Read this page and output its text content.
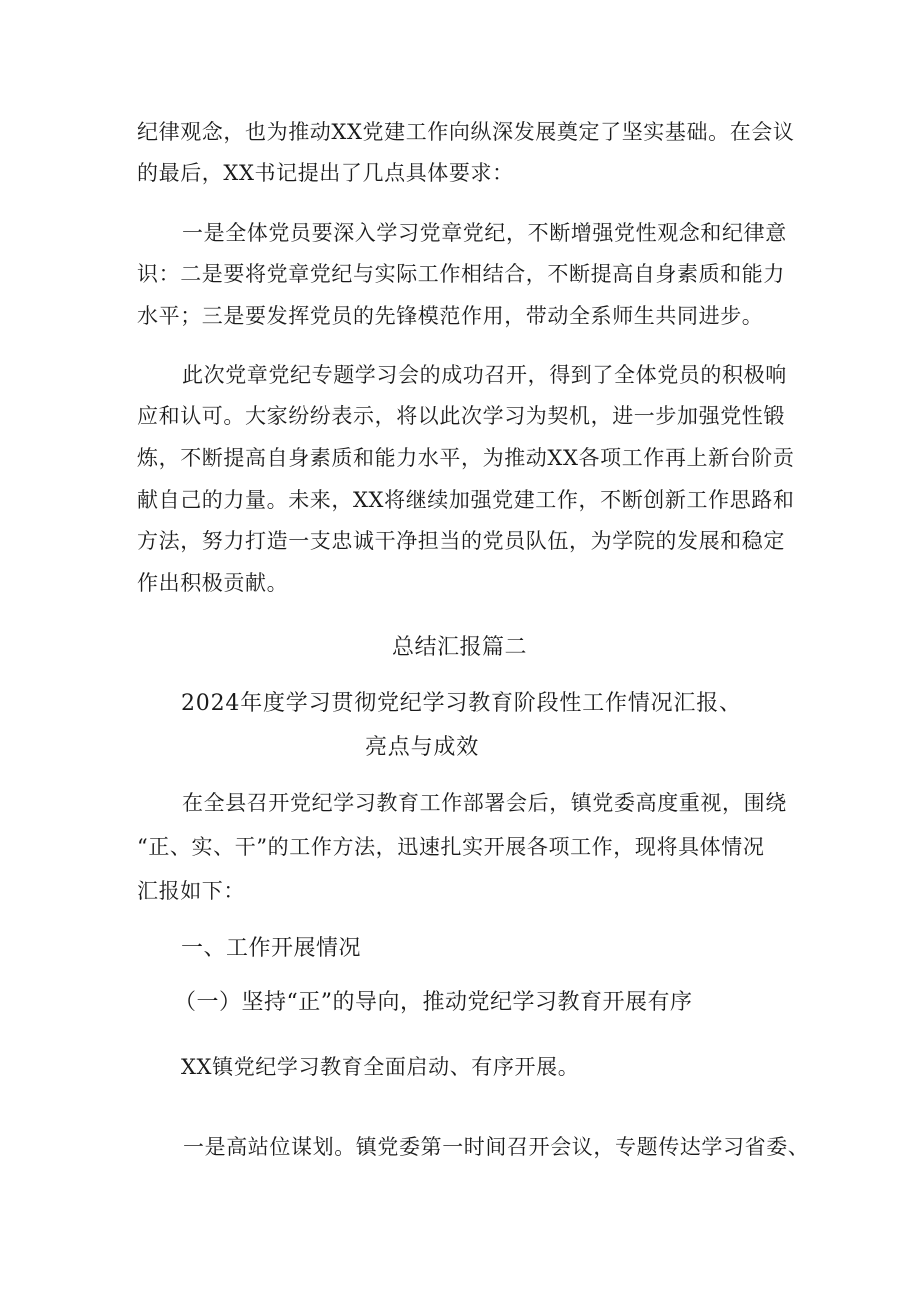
纪律观念，也为推动XX党建工作向纵深发展奠定了坚实基础。在会议
的最后，XX书记提出了几点具体要求：
一是全体党员要深入学习党章党纪，不断增强党性观念和纪律意
识：二是要将党章党纪与实际工作相结合，不断提高自身素质和能力
水平；三是要发挥党员的先锋模范作用，带动全系师生共同进步。
此次党章党纪专题学习会的成功召开，得到了全体党员的积极响
应和认可。大家纷纷表示，将以此次学习为契机，进一步加强党性锻
炼，不断提高自身素质和能力水平，为推动XX各项工作再上新台阶贡
献自己的力量。未来，XX将继续加强党建工作，不断创新工作思路和
方法，努力打造一支忠诚干净担当的党员队伍，为学院的发展和稳定
作出积极贡献。
总结汇报篇二
2024年度学习贯彻党纪学习教育阶段性工作情况汇报、
亮点与成效
在全县召开党纪学习教育工作部署会后，镇党委高度重视，围绕
“正、实、干”的工作方法，迅速扎实开展各项工作，现将具体情况
汇报如下：
一、工作开展情况
（一）坚持“正”的导向，推动党纪学习教育开展有序
XX镇党纪学习教育全面启动、有序开展。
一是高站位谋划。镇党委第一时间召开会议，专题传达学习省委、
